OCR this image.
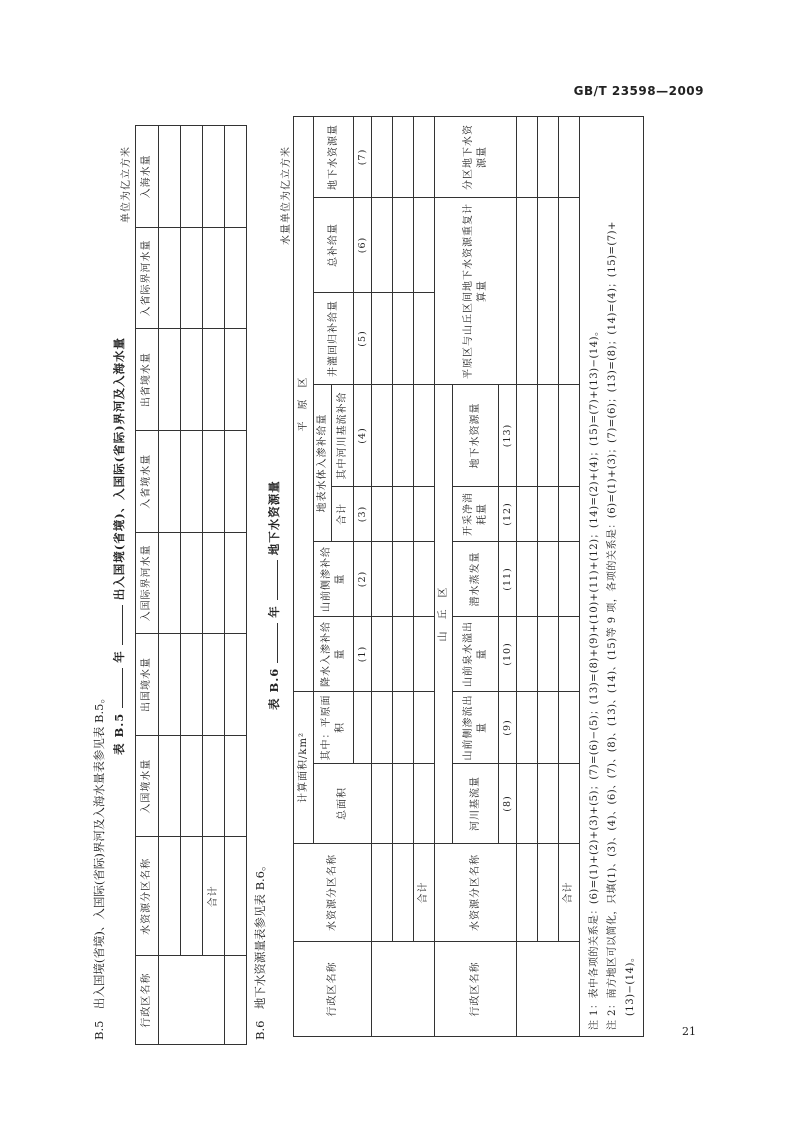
GB/T 23598—2009
21
B.5　出入国境(省境)、入国际(省际)界河及入海水量表参见表 B.5。 表 B.5  年  出入国境(省境)、入国际(省际)界河及入海水量
单位为亿立方米
行政区名称	水资源分区名称	入国境水量	出国境水量	入国际界河水量	入省境水量	出省境水量	入省际界河水量	入海水量

	合计							
									B.6　地下水资源量表参见表 B.6。
表 B.6  年  地下水资源量
水量单位为亿立方米
行政区名称	水资源分区名称	计算面积/km²		平　原　区						
		总面积	其中：平原面积	降水入渗补给量	山前侧渗补给量	地表水体入渗补给量		井灌回归补给量	总补给量	地下水资源量
						合计	其中河川基流补给			
				(1)	(2)	(3)	(4)	(5)	(6)	(7)

	合计									
行政区名称	水资源分区名称	山　丘　区						平原区与山丘区间地下水资源重复计算量		分区地下水资源量
		河川基流量	山前侧渗流出量	山前泉水溢出量	潜水蒸发量	开采净消耗量	地下水资源量			
		(8)	(9)	(10)	(11)	(12)	(13)			

	合计									

注 1：表中各项的关系是：(6)=(1)+(2)+(3)+(5)；(7)=(6)−(5)；(13)=(8)+(9)+(10)+(11)+(12)；(14)=(2)+(4)；(15)=(7)+(13)−(14)。 注 2：南方地区可以简化，只填(1)、(3)、(4)、(6)、(7)、(8)、(13)、(14)、(15)等 9 项，各项的关系是：(6)=(1)+(3)；(7)=(6)；(13)=(8)；(14)=(4)；(15)=(7)+ (13)−(14)。										
